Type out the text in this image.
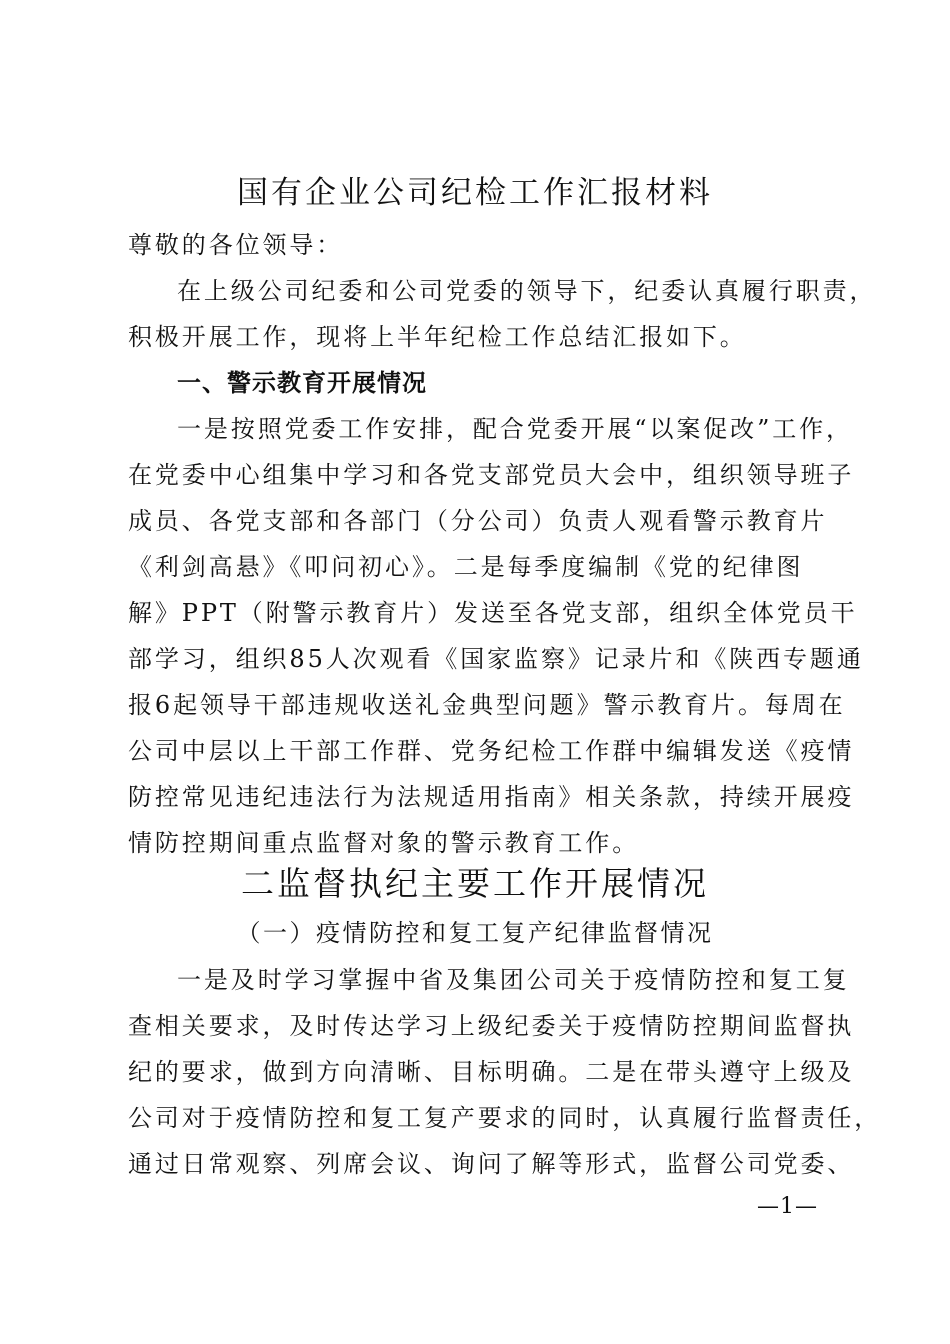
国有企业公司纪检工作汇报材料
尊敬的各位领导：
在上级公司纪委和公司党委的领导下，纪委认真履行职责，
积极开展工作，现将上半年纪检工作总结汇报如下。
一、警示教育开展情况
一是按照党委工作安排，配合党委开展“以案促改”工作，
在党委中心组集中学习和各党支部党员大会中，组织领导班子
成员、各党支部和各部门（分公司）负责人观看警示教育片
《利剑高悬》《叩问初心》。二是每季度编制《党的纪律图
解》PPT（附警示教育片）发送至各党支部，组织全体党员干
部学习，组织85人次观看《国家监察》记录片和《陕西专题通
报6起领导干部违规收送礼金典型问题》警示教育片。每周在
公司中层以上干部工作群、党务纪检工作群中编辑发送《疫情
防控常见违纪违法行为法规适用指南》相关条款，持续开展疫
情防控期间重点监督对象的警示教育工作。
二监督执纪主要工作开展情况
（一）疫情防控和复工复产纪律监督情况
一是及时学习掌握中省及集团公司关于疫情防控和复工复
查相关要求，及时传达学习上级纪委关于疫情防控期间监督执
纪的要求，做到方向清晰、目标明确。二是在带头遵守上级及
公司对于疫情防控和复工复产要求的同时，认真履行监督责任，
通过日常观察、列席会议、询问了解等形式，监督公司党委、
—1—
